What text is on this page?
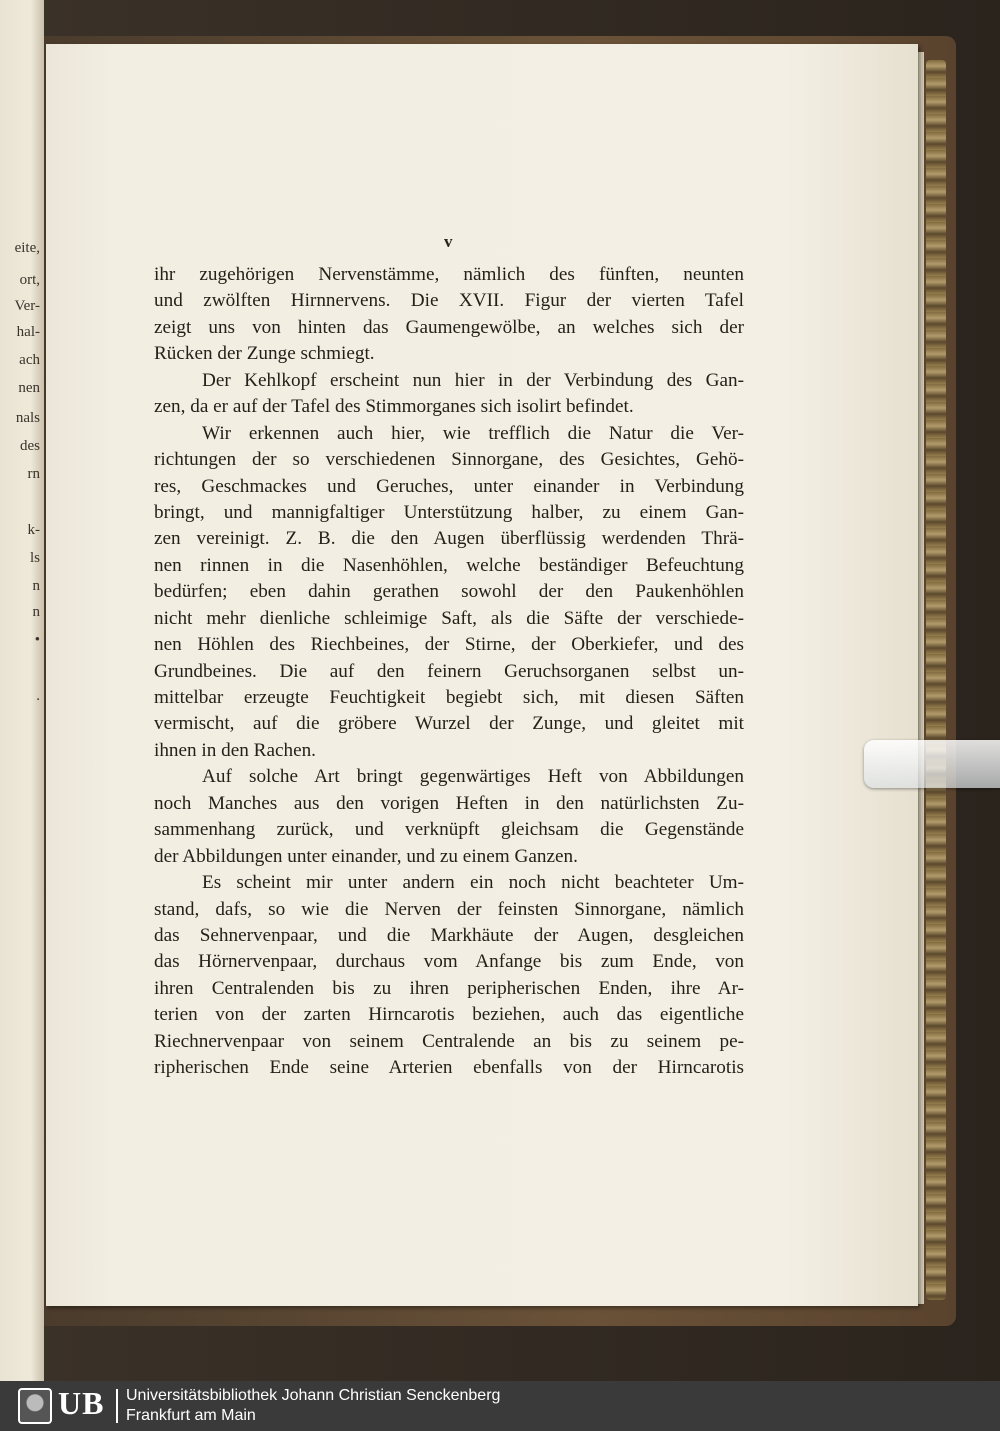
eite,
ort,
Ver-
hal-
ach
nen
nals
des
rn
k-
ls
n
n
•
.
v
ihr zugehörigen Nervenstämme, nämlich des fünften, neunten
und zwölften Hirnnervens. Die XVII. Figur der vierten Tafel
zeigt uns von hinten das Gaumengewölbe, an welches sich der
Rücken der Zunge schmiegt.
Der Kehlkopf erscheint nun hier in der Verbindung des Gan-
zen, da er auf der Tafel des Stimmorganes sich isolirt befindet.
Wir erkennen auch hier, wie trefflich die Natur die Ver-
richtungen der so verschiedenen Sinnorgane, des Gesichtes, Gehö-
res, Geschmackes und Geruches, unter einander in Verbindung
bringt, und mannigfaltiger Unterstützung halber, zu einem Gan-
zen vereinigt. Z. B. die den Augen überflüssig werdenden Thrä-
nen rinnen in die Nasenhöhlen, welche beständiger Befeuchtung
bedürfen; eben dahin gerathen sowohl der den Paukenhöhlen
nicht mehr dienliche schleimige Saft, als die Säfte der verschiede-
nen Höhlen des Riechbeines, der Stirne, der Oberkiefer, und des
Grundbeines. Die auf den feinern Geruchsorganen selbst un-
mittelbar erzeugte Feuchtigkeit begiebt sich, mit diesen Säften
vermischt, auf die gröbere Wurzel der Zunge, und gleitet mit
ihnen in den Rachen.
Auf solche Art bringt gegenwärtiges Heft von Abbildungen
noch Manches aus den vorigen Heften in den natürlichsten Zu-
sammenhang zurück, und verknüpft gleichsam die Gegenstände
der Abbildungen unter einander, und zu einem Ganzen.
Es scheint mir unter andern ein noch nicht beachteter Um-
stand, dafs, so wie die Nerven der feinsten Sinnorgane, nämlich
das Sehnervenpaar, und die Markhäute der Augen, desgleichen
das Hörnervenpaar, durchaus vom Anfange bis zum Ende, von
ihren Centralenden bis zu ihren peripherischen Enden, ihre Ar-
terien von der zarten Hirncarotis beziehen, auch das eigentliche
Riechnervenpaar von seinem Centralende an bis zu seinem pe-
ripherischen Ende seine Arterien ebenfalls von der Hirncarotis
UB Universitätsbibliothek Johann Christian Senckenberg
Frankfurt am Main
